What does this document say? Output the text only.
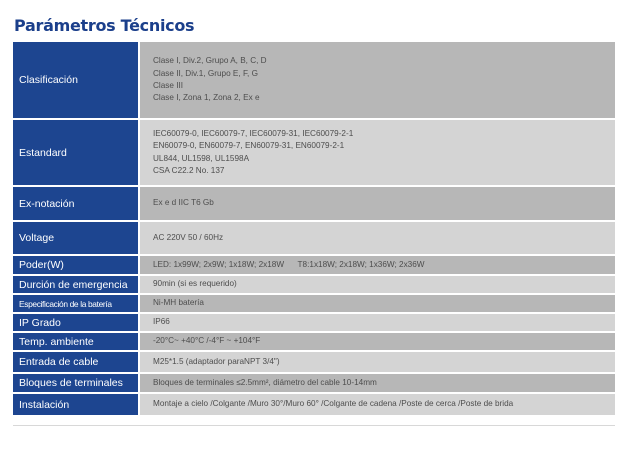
Parámetros Técnicos
Clasificación	Clase I, Div.2, Grupo A, B, C, D
Clase II, Div.1, Grupo E, F, G
Clase III
Clase I, Zona 1, Zona 2, Ex e

Estandard	IEC60079-0, IEC60079-7, IEC60079-31, IEC60079-2-1
EN60079-0, EN60079-7, EN60079-31, EN60079-2-1
UL844, UL1598, UL1598A
CSA C22.2 No. 137

Ex-notación	Ex e d IIC T6 Gb

Voltage	AC 220V 50 / 60Hz

Poder(W)	LED: 1x99W; 2x9W; 1x18W; 2x18W      T8:1x18W; 2x18W; 1x36W; 2x36W

Durción de emergencia	90min (si es requerido)

Especificación de la batería	Ni-MH batería

IP Grado	IP66

Temp. ambiente	-20°C~ +40°C /-4°F ~ +104°F

Entrada de cable	M25*1.5 (adaptador paraNPT 3/4")

Bloques de terminales	Bloques de terminales ≤2.5mm², diámetro del cable 10-14mm

Instalación	Montaje a cielo /Colgante /Muro 30°/Muro 60° /Colgante de cadena /Poste de cerca /Poste de brida
